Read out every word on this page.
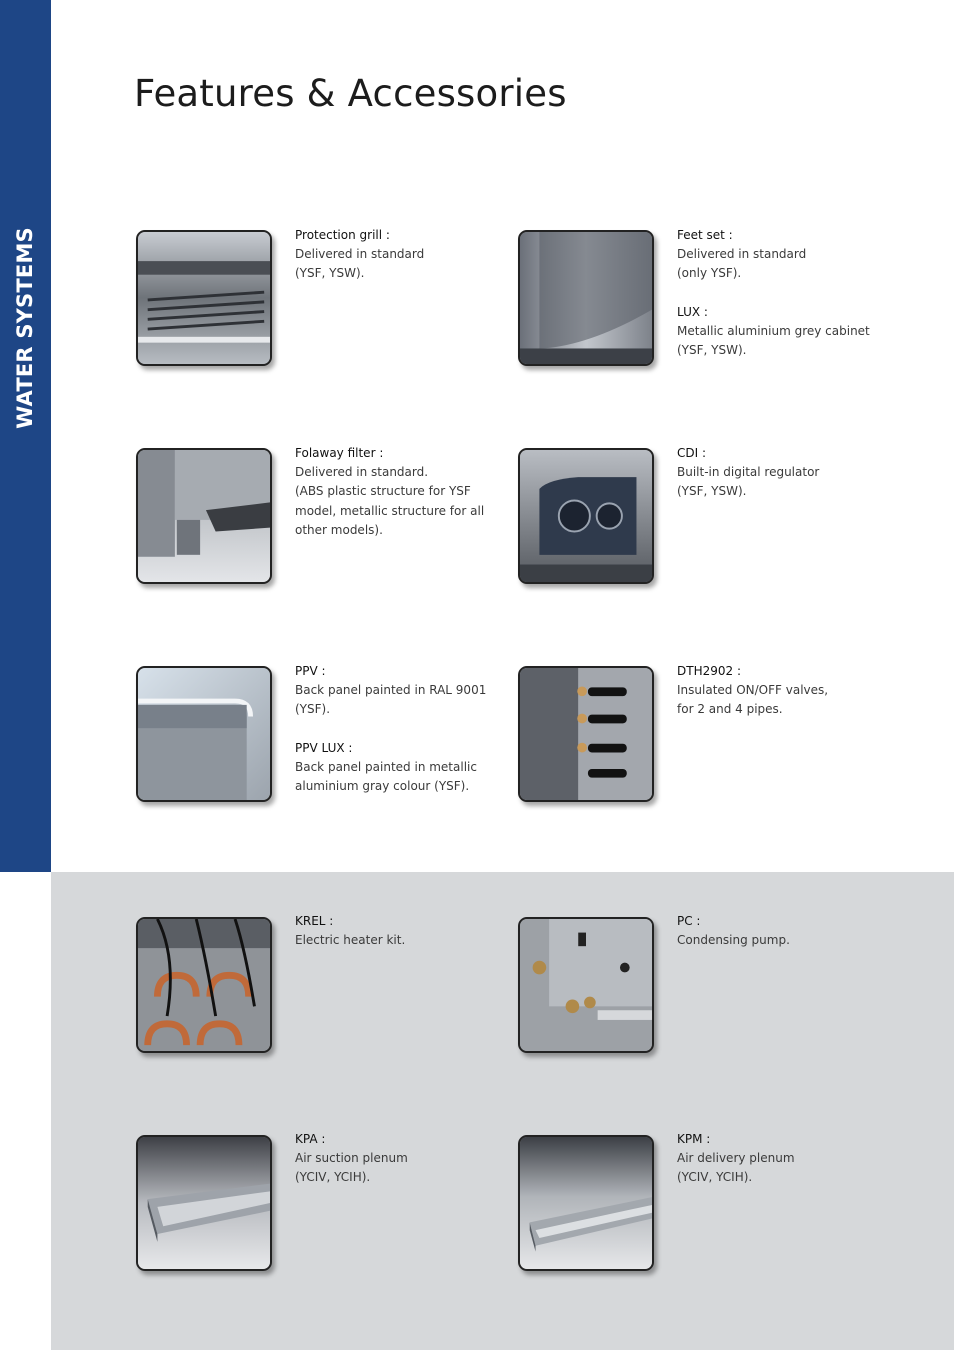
WATER SYSTEMS
Features & Accessories
Protection grill :
Delivered in standard
(YSF, YSW).
Feet set :
Delivered in standard
(only YSF).
LUX :
Metallic aluminium grey cabinet
(YSF, YSW).
Folaway filter :
Delivered in standard.
(ABS plastic structure for YSF
model, metallic structure for all
other models).
CDI :
Built-in digital regulator
(YSF, YSW).
PPV :
Back panel painted in RAL 9001
(YSF).
PPV LUX :
Back panel painted in metallic
aluminium gray colour (YSF).
DTH2902 :
Insulated ON/OFF valves,
for 2 and 4 pipes.
KREL :
Electric heater kit.
PC :
Condensing pump.
KPA :
Air suction plenum
(YCIV, YCIH).
KPM :
Air delivery plenum
(YCIV, YCIH).
